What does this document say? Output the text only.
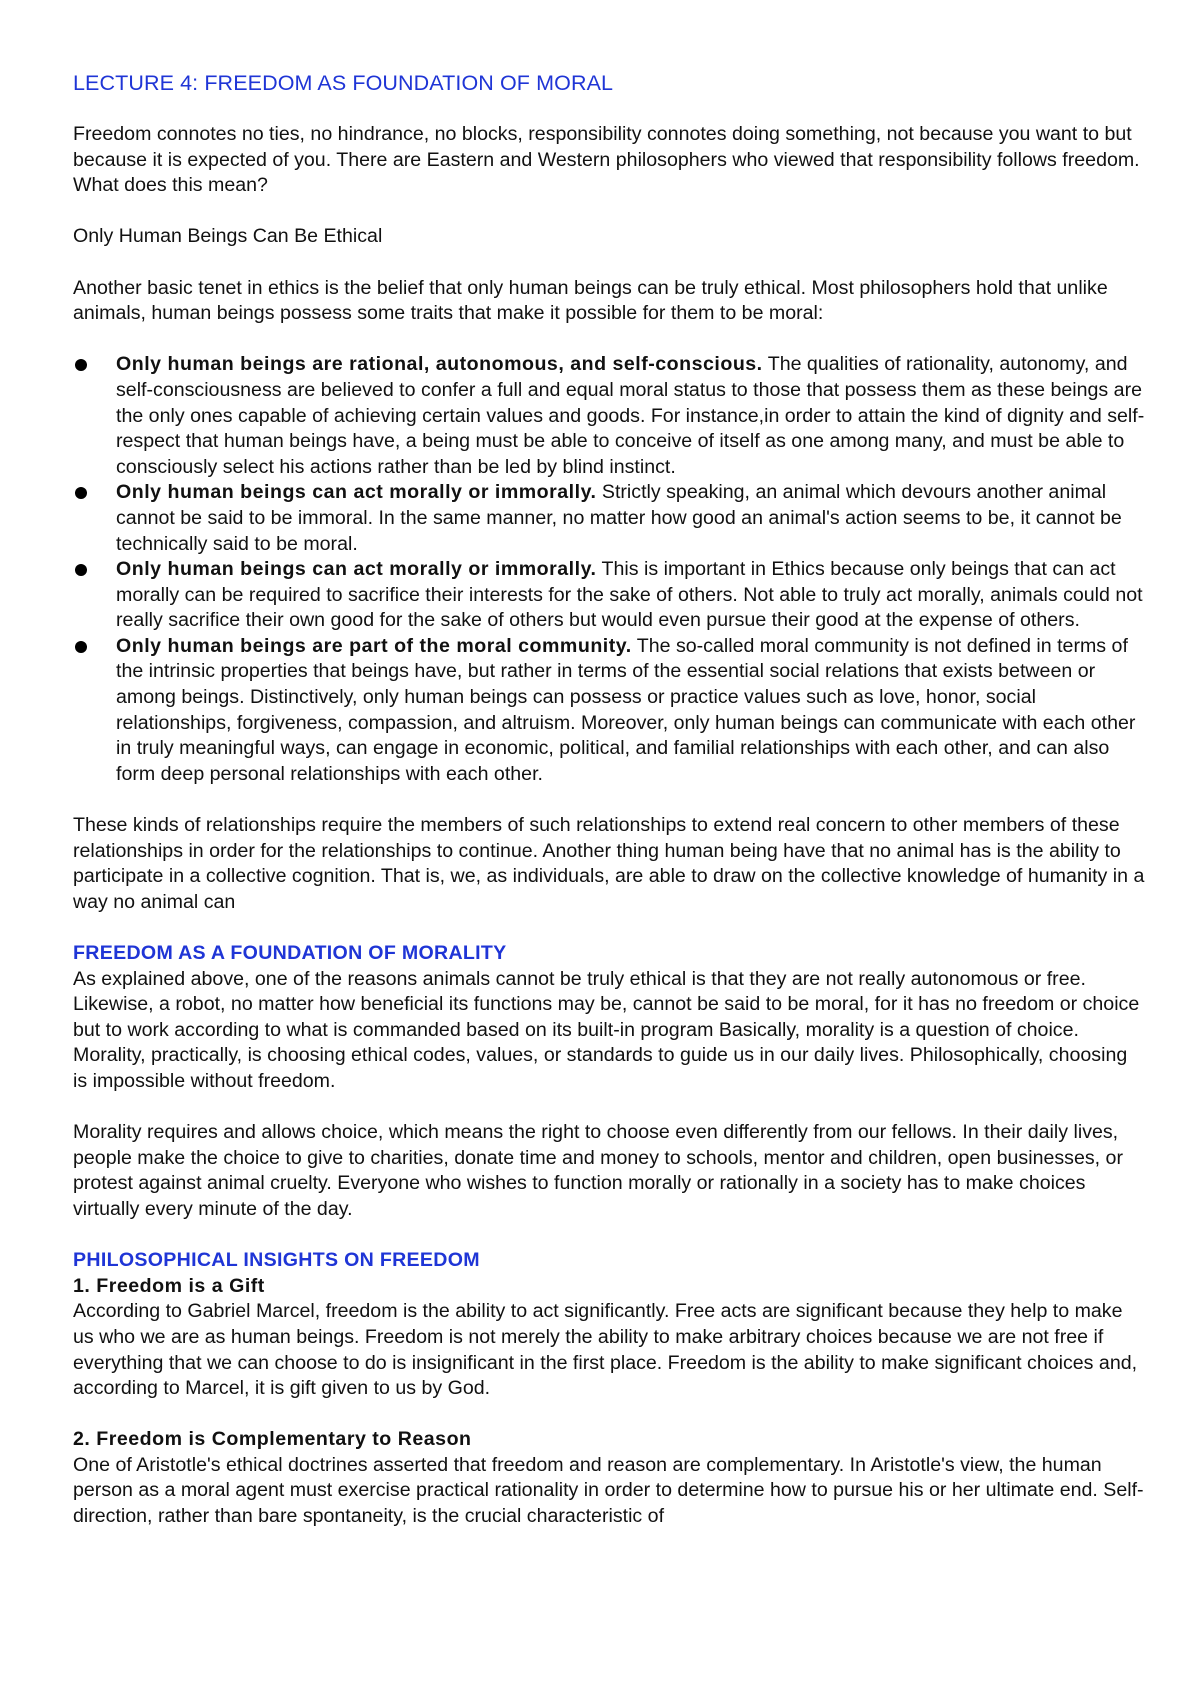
LECTURE 4: FREEDOM AS FOUNDATION OF MORAL

Freedom connotes no ties, no hindrance, no blocks, responsibility connotes doing something, not because you want to but because it is expected of you. There are Eastern and Western philosophers who viewed that responsibility follows freedom. What does this mean?

Only Human Beings Can Be Ethical

Another basic tenet in ethics is the belief that only human beings can be truly ethical. Most philosophers hold that unlike animals, human beings possess some traits that make it possible for them to be moral:

Only human beings are rational, autonomous, and self-conscious. The qualities of rationality, autonomy, and self-consciousness are believed to confer a full and equal moral status to those that possess them as these beings are the only ones capable of achieving certain values and goods. For instance,in order to attain the kind of dignity and self-respect that human beings have, a being must be able to conceive of itself as one among many, and must be able to consciously select his actions rather than be led by blind instinct.
Only human beings can act morally or immorally. Strictly speaking, an animal which devours another animal cannot be said to be immoral. In the same manner, no matter how good an animal's action seems to be, it cannot be technically said to be moral.
Only human beings can act morally or immorally. This is important in Ethics because only beings that can act morally can be required to sacrifice their interests for the sake of others. Not able to truly act morally, animals could not really sacrifice their own good for the sake of others but would even pursue their good at the expense of others.
Only human beings are part of the moral community. The so-called moral community is not defined in terms of the intrinsic properties that beings have, but rather in terms of the essential social relations that exists between or among beings. Distinctively, only human beings can possess or practice values such as love, honor, social relationships, forgiveness, compassion, and altruism. Moreover, only human beings can communicate with each other in truly meaningful ways, can engage in economic, political, and familial relationships with each other, and can also form deep personal relationships with each other.

These kinds of relationships require the members of such relationships to extend real concern to other members of these relationships in order for the relationships to continue. Another thing human being have that no animal has is the ability to participate in a collective cognition. That is, we, as individuals, are able to draw on the collective knowledge of humanity in a way no animal can

FREEDOM AS A FOUNDATION OF MORALITY

As explained above, one of the reasons animals cannot be truly ethical is that they are not really autonomous or free. Likewise, a robot, no matter how beneficial its functions may be, cannot be said to be moral, for it has no freedom or choice but to work according to what is commanded based on its built-in program Basically, morality is a question of choice. Morality, practically, is choosing ethical codes, values, or standards to guide us in our daily lives. Philosophically, choosing is impossible without freedom.

Morality requires and allows choice, which means the right to choose even differently from our fellows. In their daily lives, people make the choice to give to charities, donate time and money to schools, mentor and children, open businesses, or protest against animal cruelty. Everyone who wishes to function morally or rationally in a society has to make choices virtually every minute of the day.

PHILOSOPHICAL INSIGHTS ON FREEDOM

1. Freedom is a Gift

According to Gabriel Marcel, freedom is the ability to act significantly. Free acts are significant because they help to make us who we are as human beings. Freedom is not merely the ability to make arbitrary choices because we are not free if everything that we can choose to do is insignificant in the first place. Freedom is the ability to make significant choices and, according to Marcel, it is gift given to us by God.

2. Freedom is Complementary to Reason

One of Aristotle's ethical doctrines asserted that freedom and reason are complementary. In Aristotle's view, the human person as a moral agent must exercise practical rationality in order to determine how to pursue his or her ultimate end. Self- direction, rather than bare spontaneity, is the crucial characteristic of
